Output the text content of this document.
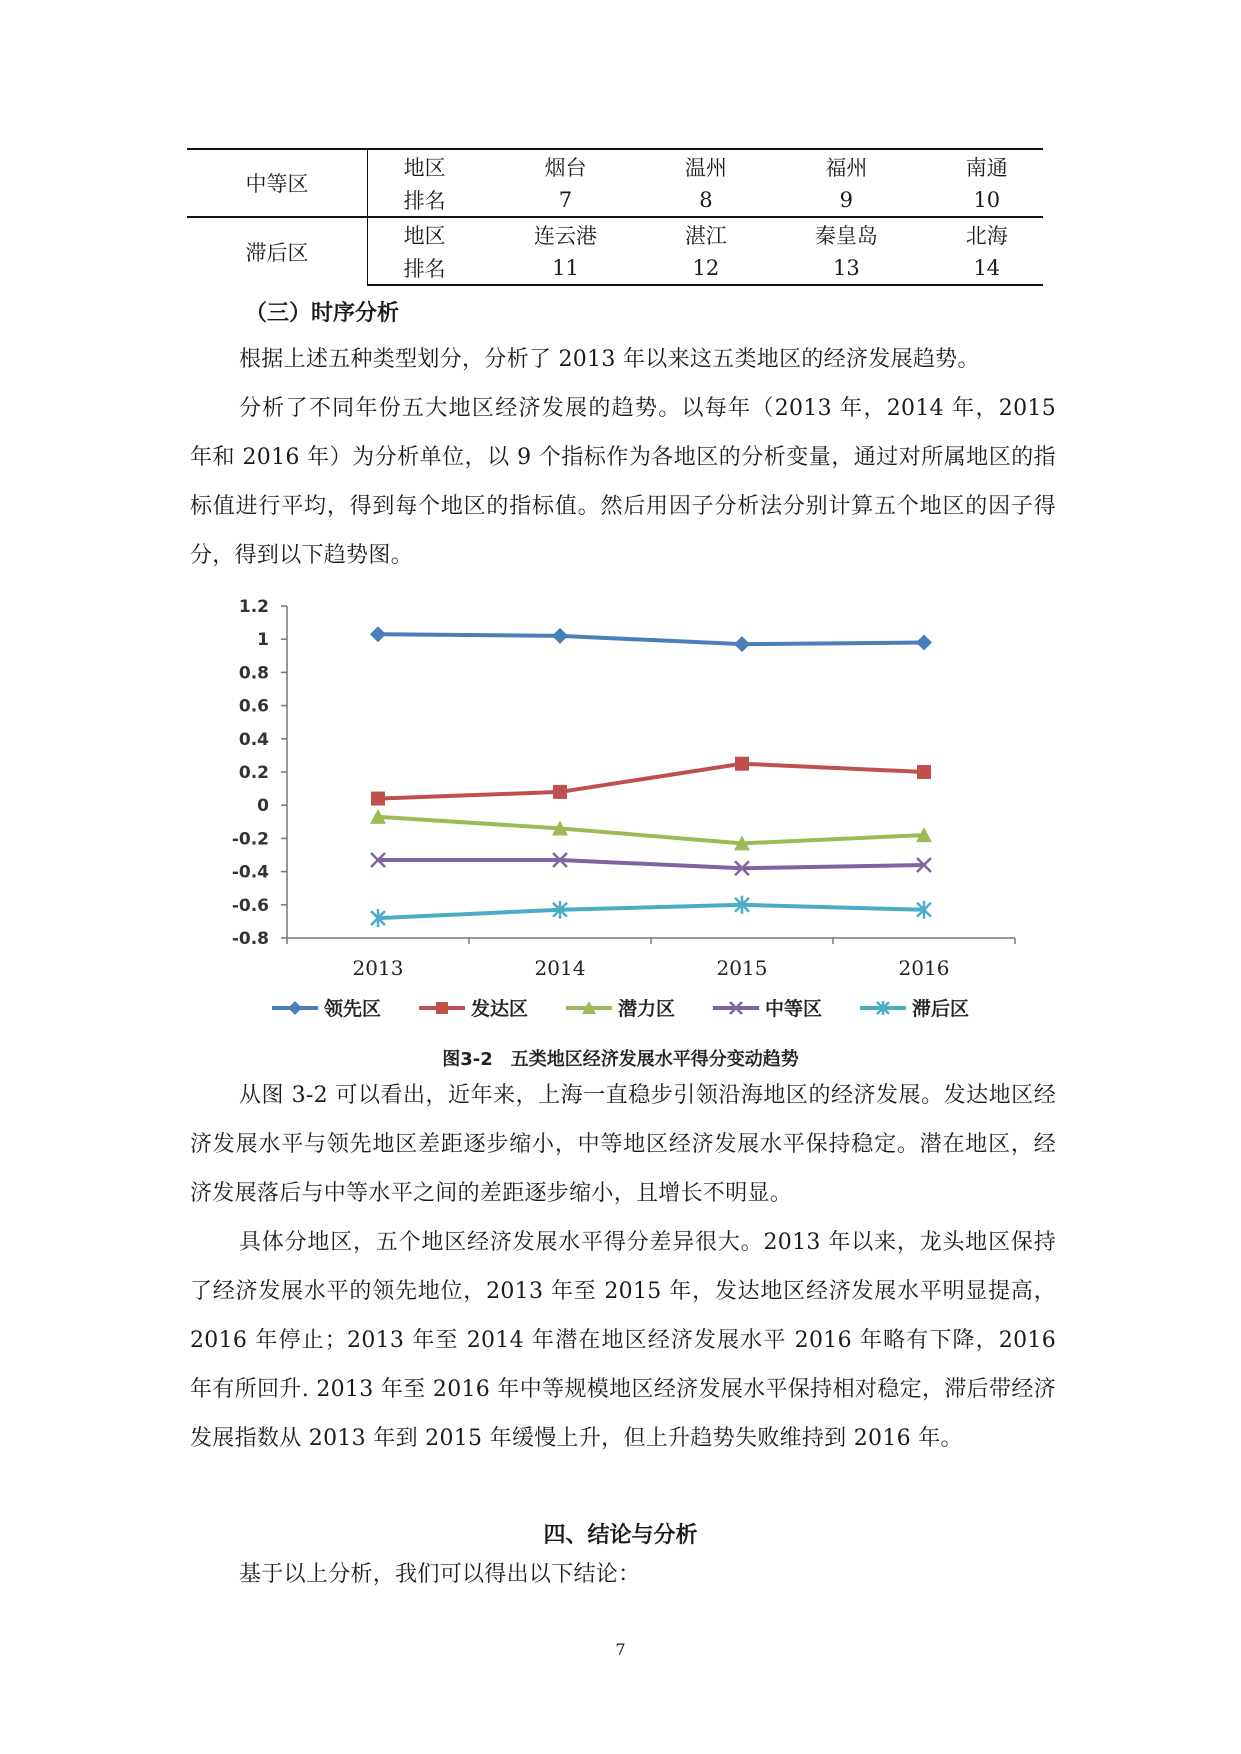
中等区	地区	烟台	温州	福州	南通
	排名	7	8	9	10
滞后区	地区	连云港	湛江	秦皇岛	北海
	排名	11	12	13	14
（三）时序分析

根据上述五种类型划分，分析了 2013 年以来这五类地区的经济发展趋势。

分析了不同年份五大地区经济发展的趋势。以每年（2013 年，2014 年，2015 年和 2016 年）为分析单位，以 9 个指标作为各地区的分析变量，通过对所属地区的指标值进行平均，得到每个地区的指标值。然后用因子分析法分别计算五个地区的因子得分，得到以下趋势图。

1.2
1
0.8
0.6
0.4
0.2
0
-0.2
-0.4
-0.6
-0.8
2013	2014	2015	2016
领先区	发达区	潜力区	中等区	滞后区
图3-2　五类地区经济发展水平得分变动趋势

从图 3-2 可以看出，近年来，上海一直稳步引领沿海地区的经济发展。发达地区经济发展水平与领先地区差距逐步缩小，中等地区经济发展水平保持稳定。潜在地区，经济发展落后与中等水平之间的差距逐步缩小，且增长不明显。

具体分地区，五个地区经济发展水平得分差异很大。2013 年以来，龙头地区保持了经济发展水平的领先地位，2013 年至 2015 年，发达地区经济发展水平明显提高，2016 年停止；2013 年至 2014 年潜在地区经济发展水平 2016 年略有下降，2016 年有所回升. 2013 年至 2016 年中等规模地区经济发展水平保持相对稳定，滞后带经济发展指数从 2013 年到 2015 年缓慢上升，但上升趋势失败维持到 2016 年。

四、结论与分析

基于以上分析，我们可以得出以下结论：

7
